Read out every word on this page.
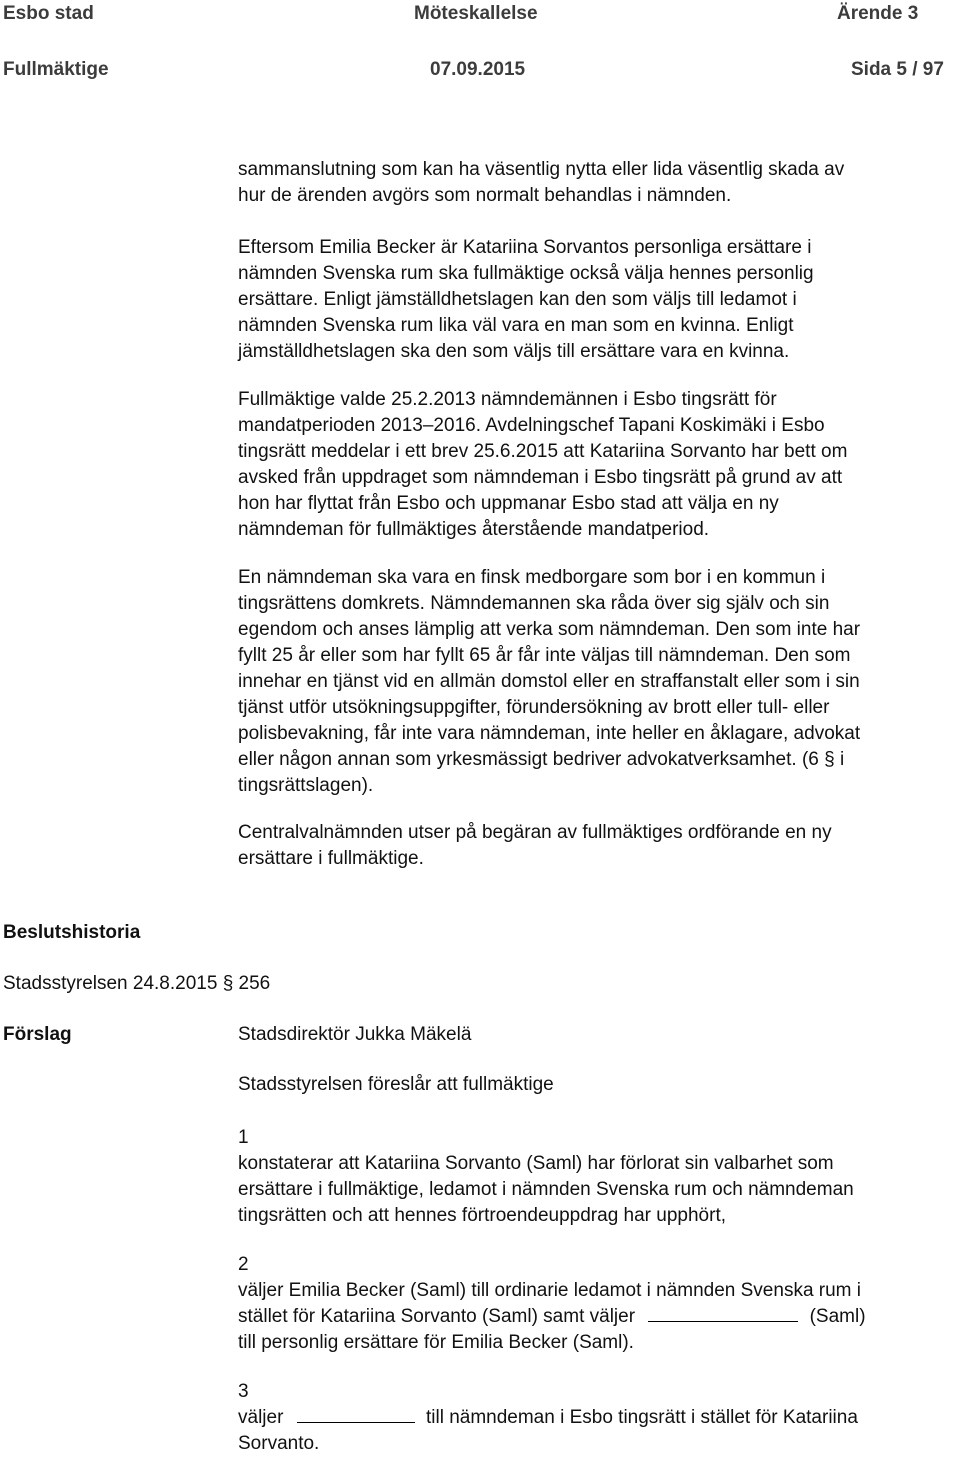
Esbo stad	Möteskallelse	Ärende 3
Fullmäktige	07.09.2015	Sida 5 / 97
sammanslutning som kan ha väsentlig nytta eller lida väsentlig skada av
hur de ärenden avgörs som normalt behandlas i nämnden.
Eftersom Emilia Becker är Katariina Sorvantos personliga ersättare i
nämnden Svenska rum ska fullmäktige också välja hennes personlig
ersättare. Enligt jämställdhetslagen kan den som väljs till ledamot i
nämnden Svenska rum lika väl vara en man som en kvinna. Enligt
jämställdhetslagen ska den som väljs till ersättare vara en kvinna.
Fullmäktige valde 25.2.2013 nämndemännen i Esbo tingsrätt för
mandatperioden 2013–2016. Avdelningschef Tapani Koskimäki i Esbo
tingsrätt meddelar i ett brev 25.6.2015 att Katariina Sorvanto har bett om
avsked från uppdraget som nämndeman i Esbo tingsrätt på grund av att
hon har flyttat från Esbo och uppmanar Esbo stad att välja en ny
nämndeman för fullmäktiges återstående mandatperiod.
En nämndeman ska vara en finsk medborgare som bor i en kommun i
tingsrättens domkrets. Nämndemannen ska råda över sig själv och sin
egendom och anses lämplig att verka som nämndeman. Den som inte har
fyllt 25 år eller som har fyllt 65 år får inte väljas till nämndeman. Den som
innehar en tjänst vid en allmän domstol eller en straffanstalt eller som i sin
tjänst utför utsökningsuppgifter, förundersökning av brott eller tull- eller
polisbevakning, får inte vara nämndeman, inte heller en åklagare, advokat
eller någon annan som yrkesmässigt bedriver advokatverksamhet. (6 § i
tingsrättslagen).
Centralvalnämnden utser på begäran av fullmäktiges ordförande en ny
ersättare i fullmäktige.
Beslutshistoria
Stadsstyrelsen 24.8.2015 § 256
Förslag	Stadsdirektör Jukka Mäkelä
Stadsstyrelsen föreslår att fullmäktige
1
konstaterar att Katariina Sorvanto (Saml) har förlorat sin valbarhet som
ersättare i fullmäktige, ledamot i nämnden Svenska rum och nämndeman
tingsrätten och att hennes förtroendeuppdrag har upphört,
2
väljer Emilia Becker (Saml) till ordinarie ledamot i nämnden Svenska rum i
stället för Katariina Sorvanto (Saml) samt väljer	(Saml)
till personlig ersättare för Emilia Becker (Saml).
3
väljer	till nämndeman i Esbo tingsrätt i stället för Katariina
Sorvanto.
